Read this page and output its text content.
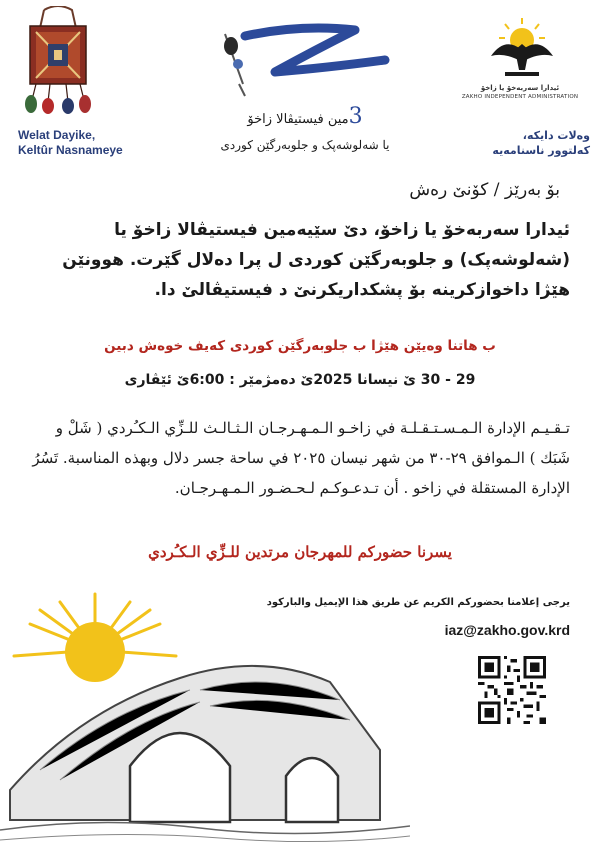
3مین فیستیڤالا زاخۆ
یا شەلوشەپک و جلوبەرگێن کوردی
ئیدارا سەربەخۆ یا زاخۆ
ZAKHO INDEPENDENT ADMINISTRATION
Welat Dayike,
Keltûr Nasnameye
وەلات دایکە،
کەلتوور ناسنامەیە
بۆ بەرێز / کۆنێ رەش
ئیدارا سەربەخۆ یا زاخۆ، دێ سێیەمین فیستیڤالا زاخۆ یا (شەلوشەپک) و جلوبەرگێن کوردی ل پرا دەلال گێرت. هوونێن هێژا داخوازکرینە بۆ پشکداریکرنێ د فیستیڤالێ دا.
ب هاتنا وەیێن هێژا ب جلوبەرگێن کوردی کەیف خوەش دبین
29 - 30 ێ نیسانا 2025ێ دەمژمێر : 6:00ێ ئێڤاری
تـقـيـم الإدارة الـمـسـتـقـلـة في زاخـو الـمـهـرجـان الـثـالـث للـزِّي الـكـُردي ( شَلْ و شَبَك ) الـموافق ٢٩-٣٠ من شهر نيسان ٢٠٢٥ في ساحة جسر دلال وبهذه المناسبة. تَسُرُ الإدارة المستقلة في زاخو . أن تـدعـوكـم لـحـضـور الـمـهـرجـان.
يسرنا حضوركم للمهرجان مرتدين للـزِّي الـكـُردي
يرجى إعلامنا بحضوركم الكريم عن طريق هذا الإيميل والباركود
iaz@zakho.gov.krd
